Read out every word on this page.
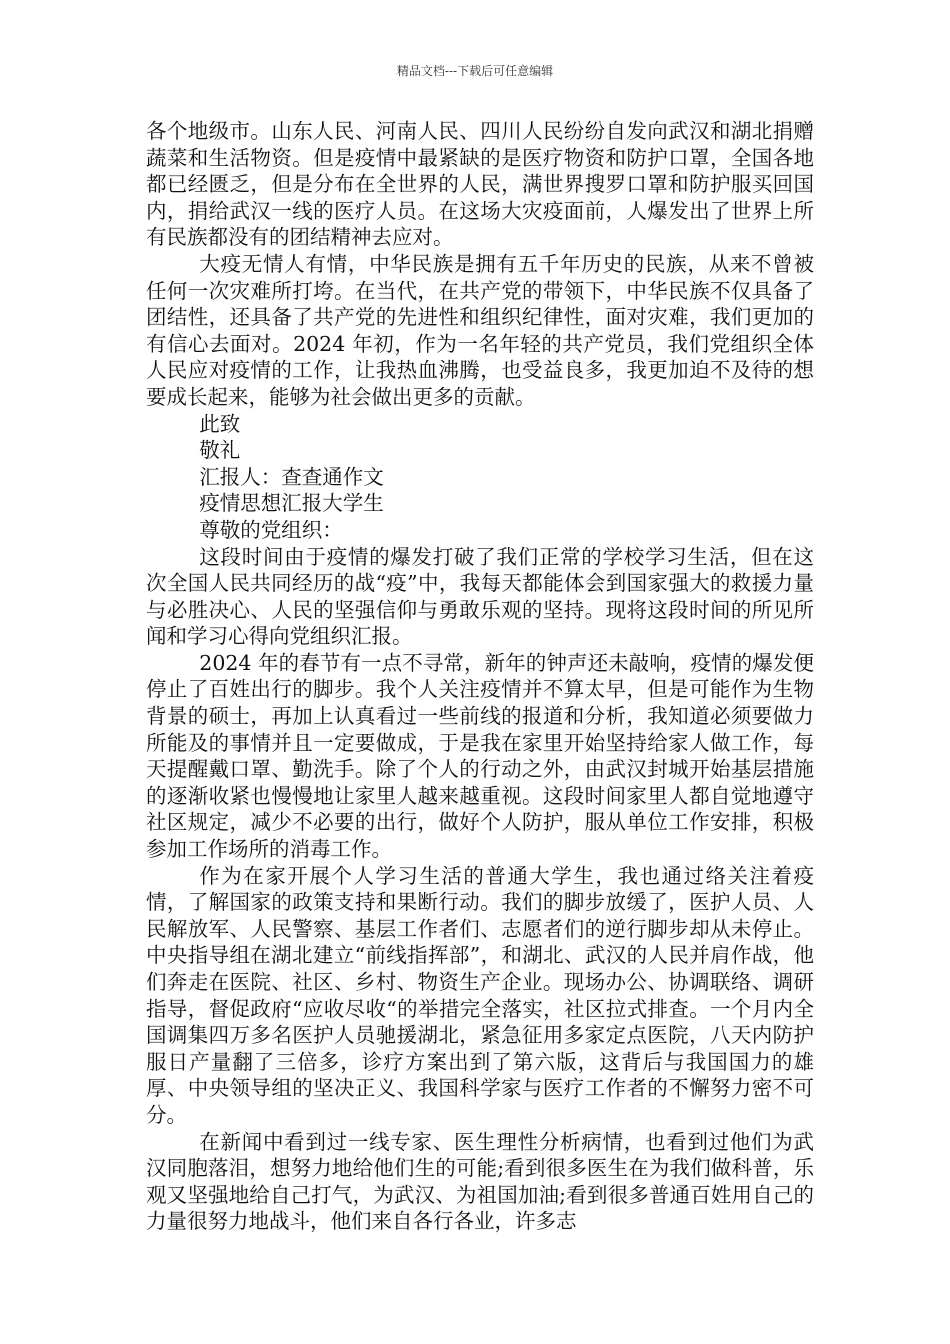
精品文档---下载后可任意编辑

各个地级市。山东人民、河南人民、四川人民纷纷自发向武汉和湖北捐赠蔬菜和生活物资。但是疫情中最紧缺的是医疗物资和防护口罩，全国各地都已经匮乏，但是分布在全世界的人民，满世界搜罗口罩和防护服买回国内，捐给武汉一线的医疗人员。在这场大灾疫面前，人爆发出了世界上所有民族都没有的团结精神去应对。

大疫无情人有情，中华民族是拥有五千年历史的民族，从来不曾被任何一次灾难所打垮。在当代，在共产党的带领下，中华民族不仅具备了团结性，还具备了共产党的先进性和组织纪律性，面对灾难，我们更加的有信心去面对。2024 年初，作为一名年轻的共产党员，我们党组织全体人民应对疫情的工作，让我热血沸腾，也受益良多，我更加迫不及待的想要成长起来，能够为社会做出更多的贡献。

此致

敬礼

汇报人：查查通作文

疫情思想汇报大学生

尊敬的党组织：

这段时间由于疫情的爆发打破了我们正常的学校学习生活，但在这次全国人民共同经历的战“疫”中，我每天都能体会到国家强大的救援力量与必胜决心、人民的坚强信仰与勇敢乐观的坚持。现将这段时间的所见所闻和学习心得向党组织汇报。

2024 年的春节有一点不寻常，新年的钟声还未敲响，疫情的爆发便停止了百姓出行的脚步。我个人关注疫情并不算太早，但是可能作为生物背景的硕士，再加上认真看过一些前线的报道和分析，我知道必须要做力所能及的事情并且一定要做成，于是我在家里开始坚持给家人做工作，每天提醒戴口罩、勤洗手。除了个人的行动之外，由武汉封城开始基层措施的逐渐收紧也慢慢地让家里人越来越重视。这段时间家里人都自觉地遵守社区规定，减少不必要的出行，做好个人防护，服从单位工作安排，积极参加工作场所的消毒工作。

作为在家开展个人学习生活的普通大学生，我也通过络关注着疫情，了解国家的政策支持和果断行动。我们的脚步放缓了，医护人员、人民解放军、人民警察、基层工作者们、志愿者们的逆行脚步却从未停止。中央指导组在湖北建立“前线指挥部”，和湖北、武汉的人民并肩作战，他们奔走在医院、社区、乡村、物资生产企业。现场办公、协调联络、调研指导，督促政府“应收尽收“的举措完全落实，社区拉式排查。一个月内全国调集四万多名医护人员驰援湖北，紧急征用多家定点医院，八天内防护服日产量翻了三倍多，诊疗方案出到了第六版，这背后与我国国力的雄厚、中央领导组的坚决正义、我国科学家与医疗工作者的不懈努力密不可分。

在新闻中看到过一线专家、医生理性分析病情，也看到过他们为武汉同胞落泪，想努力地给他们生的可能;看到很多医生在为我们做科普，乐观又坚强地给自己打气，为武汉、为祖国加油;看到很多普通百姓用自己的力量很努力地战斗，他们来自各行各业，许多志
